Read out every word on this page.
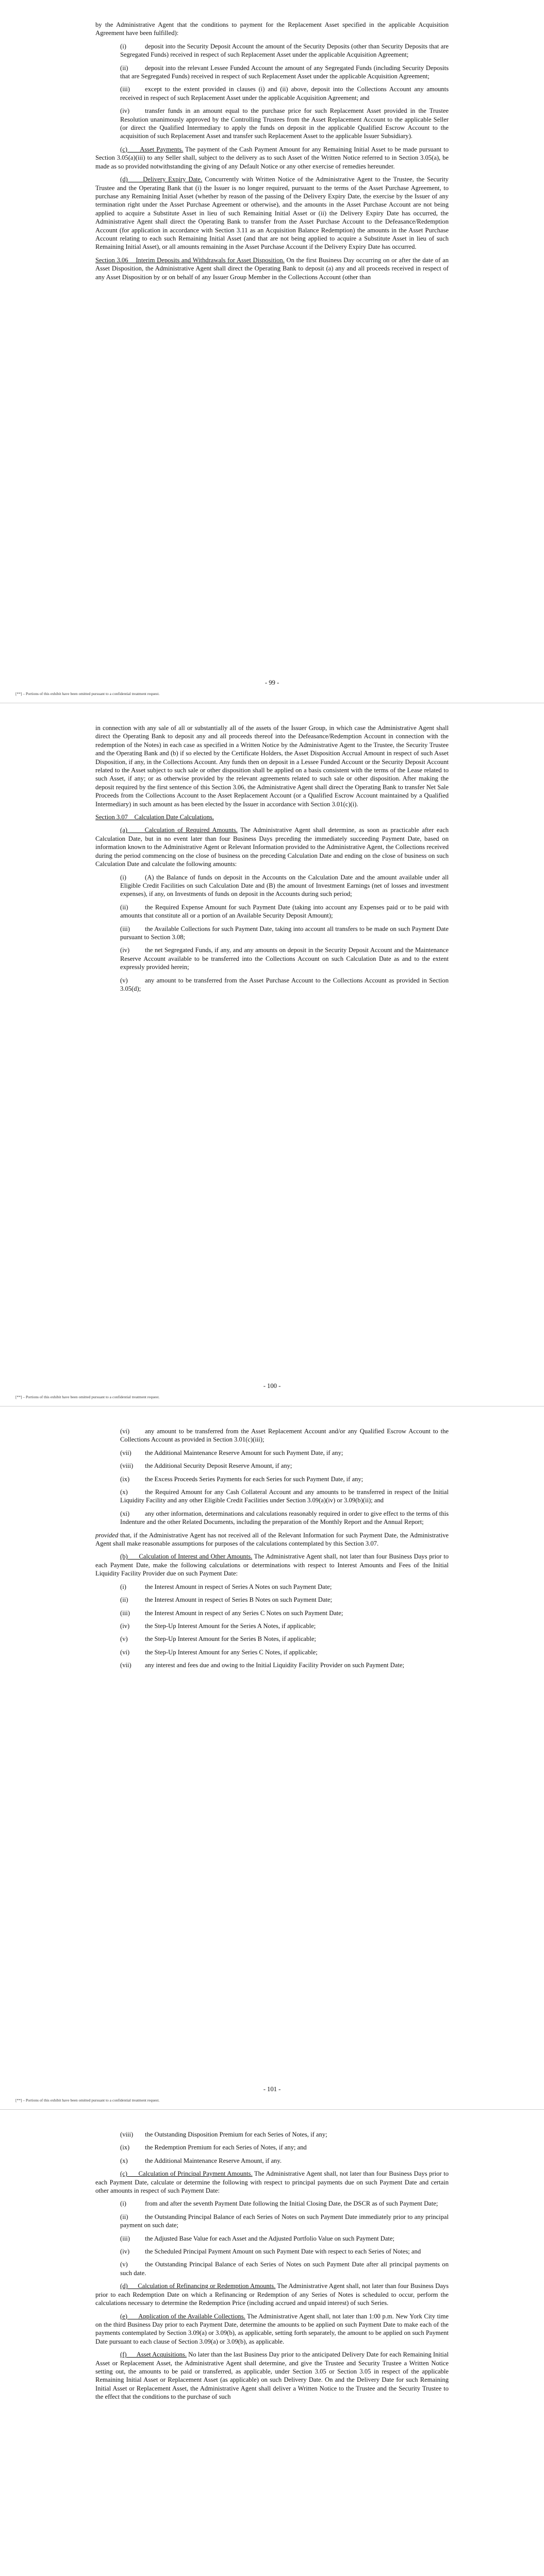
by the Administrative Agent that the conditions to payment for the Replacement Asset specified in the applicable Acquisition Agreement have been fulfilled):

(i)	deposit into the Security Deposit Account the amount of the Security Deposits (other than Security Deposits that are Segregated Funds) received in respect of such Replacement Asset under the applicable Acquisition Agreement;

(ii)	deposit into the relevant Lessee Funded Account the amount of any Segregated Funds (including Security Deposits that are Segregated Funds) received in respect of such Replacement Asset under the applicable Acquisition Agreement;

(iii) except to the extent provided in clauses (i) and (ii) above, deposit into the Collections Account any amounts received in respect of such Replacement Asset under the applicable Acquisition Agreement; and

(iv) transfer funds in an amount equal to the purchase price for such Replacement Asset provided in the Trustee Resolution unanimously approved by the Controlling Trustees from the Asset Replacement Account to the applicable Seller (or direct the Qualified Intermediary to apply the funds on deposit in the applicable Qualified Escrow Account to the acquisition of such Replacement Asset and transfer such Replacement Asset to the applicable Issuer Subsidiary).

(c)      Asset Payments. The payment of the Cash Payment Amount for any Remaining Initial Asset to be made pursuant to Section 3.05(a)(iii) to any Seller shall, subject to the delivery as to such Asset of the Written Notice referred to in Section 3.05(a), be made as so provided notwithstanding the giving of any Default Notice or any other exercise of remedies hereunder.

(d)      Delivery Expiry Date. Concurrently with Written Notice of the Administrative Agent to the Trustee, the Security Trustee and the Operating Bank that (i) the Issuer is no longer required, pursuant to the terms of the Asset Purchase Agreement, to purchase any Remaining Initial Asset (whether by reason of the passing of the Delivery Expiry Date, the exercise by the Issuer of any termination right under the Asset Purchase Agreement or otherwise), and the amounts in the Asset Purchase Account are not being applied to acquire a Substitute Asset in lieu of such Remaining Initial Asset or (ii) the Delivery Expiry Date has occurred, the Administrative Agent shall direct the Operating Bank to transfer from the Asset Purchase Account to the Defeasance/Redemption Account (for application in accordance with Section 3.11 as an Acquisition Balance Redemption) the amounts in the Asset Purchase Account relating to each such Remaining Initial Asset (and that are not being applied to acquire a Substitute Asset in lieu of such Remaining Initial Asset), or all amounts remaining in the Asset Purchase Account if the Delivery Expiry Date has occurred.

Section 3.06    Interim Deposits and Withdrawals for Asset Disposition. On the first Business Day occurring on or after the date of an Asset Disposition, the Administrative Agent shall direct the Operating Bank to deposit (a) any and all proceeds received in respect of any Asset Disposition by or on behalf of any Issuer Group Member in the Collections Account (other than

- 99 -
[**] – Portions of this exhibit have been omitted pursuant to a confidential treatment request.

in connection with any sale of all or substantially all of the assets of the Issuer Group, in which case the Administrative Agent shall direct the Operating Bank to deposit any and all proceeds thereof into the Defeasance/Redemption Account in connection with the redemption of the Notes) in each case as specified in a Written Notice by the Administrative Agent to the Trustee, the Security Trustee and the Operating Bank and (b) if so elected by the Certificate Holders, the Asset Disposition Accrual Amount in respect of such Asset Disposition, if any, in the Collections Account. Any funds then on deposit in a Lessee Funded Account or the Security Deposit Account related to the Asset subject to such sale or other disposition shall be applied on a basis consistent with the terms of the Lease related to such Asset, if any; or as otherwise provided by the relevant agreements related to such sale or other disposition. After making the deposit required by the first sentence of this Section 3.06, the Administrative Agent shall direct the Operating Bank to transfer Net Sale Proceeds from the Collections Account to the Asset Replacement Account (or a Qualified Escrow Account maintained by a Qualified Intermediary) in such amount as has been elected by the Issuer in accordance with Section 3.01(c)(i).

Section 3.07    Calculation Date Calculations.

(a)      Calculation of Required Amounts. The Administrative Agent shall determine, as soon as practicable after each Calculation Date, but in no event later than four Business Days preceding the immediately succeeding Payment Date, based on information known to the Administrative Agent or Relevant Information provided to the Administrative Agent, the Collections received during the period commencing on the close of business on the preceding Calculation Date and ending on the close of business on such Calculation Date and calculate the following amounts:

(i)	(A) the Balance of funds on deposit in the Accounts on the Calculation Date and the amount available under all Eligible Credit Facilities on such Calculation Date and (B) the amount of Investment Earnings (net of losses and investment expenses), if any, on Investments of funds on deposit in the Accounts during such period;

(ii)	the Required Expense Amount for such Payment Date (taking into account any Expenses paid or to be paid with amounts that constitute all or a portion of an Available Security Deposit Amount);

(iii) the Available Collections for such Payment Date, taking into account all transfers to be made on such Payment Date pursuant to Section 3.08;

(iv) the net Segregated Funds, if any, and any amounts on deposit in the Security Deposit Account and the Maintenance Reserve Account available to be transferred into the Collections Account on such Calculation Date as and to the extent expressly provided herein;

(v)	any amount to be transferred from the Asset Purchase Account to the Collections Account as provided in Section 3.05(d);

- 100 -
[**] – Portions of this exhibit have been omitted pursuant to a confidential treatment request.

(vi) any amount to be transferred from the Asset Replacement Account and/or any Qualified Escrow Account to the Collections Account as provided in Section 3.01(c)(iii);

(vii) the Additional Maintenance Reserve Amount for such Payment Date, if any;

(viii) the Additional Security Deposit Reserve Amount, if any;

(ix) the Excess Proceeds Series Payments for each Series for such Payment Date, if any;

(x)	the Required Amount for any Cash Collateral Account and any amounts to be transferred in respect of the Initial Liquidity Facility and any other Eligible Credit Facilities under Section 3.09(a)(iv) or 3.09(b)(ii); and

(xi) any other information, determinations and calculations reasonably required in order to give effect to the terms of this Indenture and the other Related Documents, including the preparation of the Monthly Report and the Annual Report;

provided that, if the Administrative Agent has not received all of the Relevant Information for such Payment Date, the Administrative Agent shall make reasonable assumptions for purposes of the calculations contemplated by this Section 3.07.

(b)      Calculation of Interest and Other Amounts. The Administrative Agent shall, not later than four Business Days prior to each Payment Date, make the following calculations or determinations with respect to Interest Amounts and Fees of the Initial Liquidity Facility Provider due on such Payment Date:

(i)	the Interest Amount in respect of Series A Notes on such Payment Date;

(ii)	the Interest Amount in respect of Series B Notes on such Payment Date;

(iii) the Interest Amount in respect of any Series C Notes on such Payment Date;

(iv) the Step-Up Interest Amount for the Series A Notes, if applicable;

(v)	the Step-Up Interest Amount for the Series B Notes, if applicable;

(vi) the Step-Up Interest Amount for any Series C Notes, if applicable;

(vii) any interest and fees due and owing to the Initial Liquidity Facility Provider on such Payment Date;

- 101 -
[**] – Portions of this exhibit have been omitted pursuant to a confidential treatment request.

(viii) the Outstanding Disposition Premium for each Series of Notes, if any;

(ix) the Redemption Premium for each Series of Notes, if any; and

(x)	the Additional Maintenance Reserve Amount, if any.

(c)      Calculation of Principal Payment Amounts. The Administrative Agent shall, not later than four Business Days prior to each Payment Date, calculate or determine the following with respect to principal payments due on such Payment Date and certain other amounts in respect of such Payment Date:

(i)	from and after the seventh Payment Date following the Initial Closing Date, the DSCR as of such Payment Date;

(ii)	the Outstanding Principal Balance of each Series of Notes on such Payment Date immediately prior to any principal payment on such date;

(iii) the Adjusted Base Value for each Asset and the Adjusted Portfolio Value on such Payment Date;

(iv) the Scheduled Principal Payment Amount on such Payment Date with respect to each Series of Notes; and

(v)	the Outstanding Principal Balance of each Series of Notes on such Payment Date after all principal payments on such date.

(d)      Calculation of Refinancing or Redemption Amounts. The Administrative Agent shall, not later than four Business Days prior to each Redemption Date on which a Refinancing or Redemption of any Series of Notes is scheduled to occur, perform the calculations necessary to determine the Redemption Price (including accrued and unpaid interest) of such Series.

(e)      Application of the Available Collections. The Administrative Agent shall, not later than 1:00 p.m. New York City time on the third Business Day prior to each Payment Date, determine the amounts to be applied on such Payment Date to make each of the payments contemplated by Section 3.09(a) or 3.09(b), as applicable, setting forth separately, the amount to be applied on such Payment Date pursuant to each clause of Section 3.09(a) or 3.09(b), as applicable.

(f)      Asset Acquisitions. No later than the last Business Day prior to the anticipated Delivery Date for each Remaining Initial Asset or Replacement Asset, the Administrative Agent shall determine, and give the Trustee and Security Trustee a Written Notice setting out, the amounts to be paid or transferred, as applicable, under Section 3.05 or Section 3.05 in respect of the applicable Remaining Initial Asset or Replacement Asset (as applicable) on such Delivery Date. On and the Delivery Date for such Remaining Initial Asset or Replacement Asset, the Administrative Agent shall deliver a Written Notice to the Trustee and the Security Trustee to the effect that the conditions to the purchase of such
